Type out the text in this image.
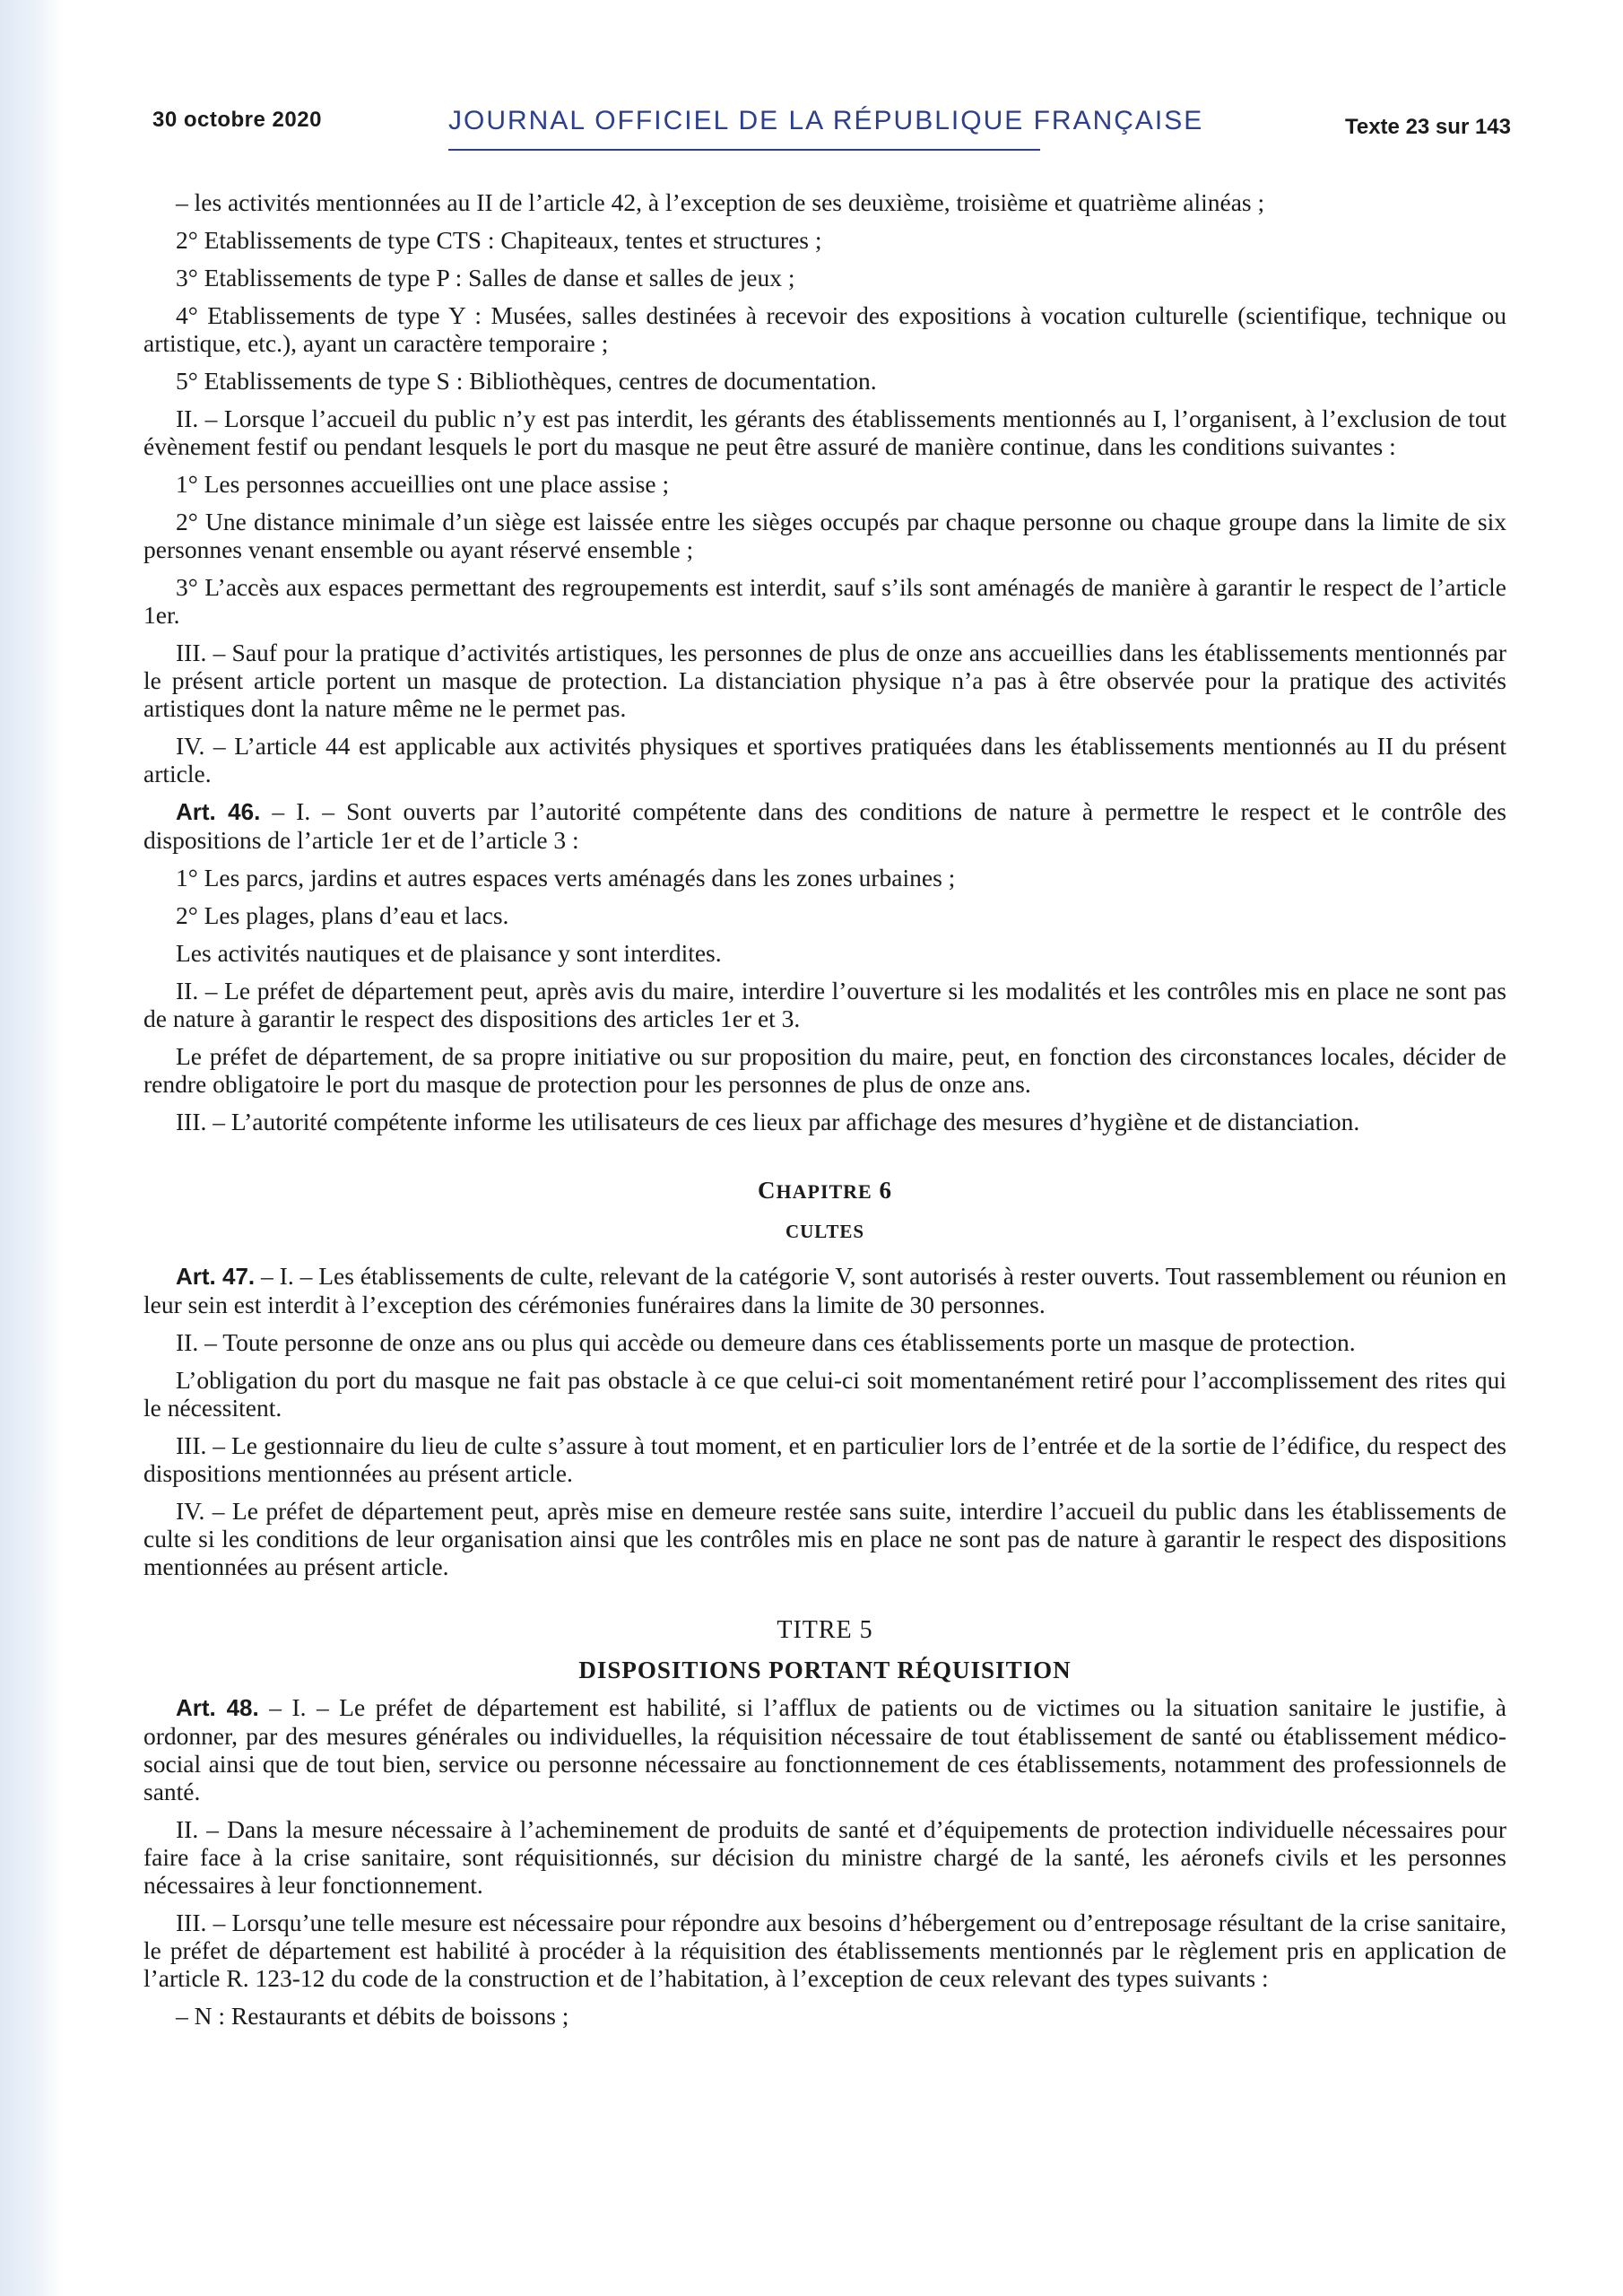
30 octobre 2020	JOURNAL OFFICIEL DE LA RÉPUBLIQUE FRANÇAISE	Texte 23 sur 143

– les activités mentionnées au II de l’article 42, à l’exception de ses deuxième, troisième et quatrième alinéas ;

2° Etablissements de type CTS : Chapiteaux, tentes et structures ;

3° Etablissements de type P : Salles de danse et salles de jeux ;

4° Etablissements de type Y : Musées, salles destinées à recevoir des expositions à vocation culturelle (scientifique, technique ou artistique, etc.), ayant un caractère temporaire ;

5° Etablissements de type S : Bibliothèques, centres de documentation.

II. – Lorsque l’accueil du public n’y est pas interdit, les gérants des établissements mentionnés au I, l’organisent, à l’exclusion de tout évènement festif ou pendant lesquels le port du masque ne peut être assuré de manière continue, dans les conditions suivantes :

1° Les personnes accueillies ont une place assise ;

2° Une distance minimale d’un siège est laissée entre les sièges occupés par chaque personne ou chaque groupe dans la limite de six personnes venant ensemble ou ayant réservé ensemble ;

3° L’accès aux espaces permettant des regroupements est interdit, sauf s’ils sont aménagés de manière à garantir le respect de l’article 1er.

III. – Sauf pour la pratique d’activités artistiques, les personnes de plus de onze ans accueillies dans les établissements mentionnés par le présent article portent un masque de protection. La distanciation physique n’a pas à être observée pour la pratique des activités artistiques dont la nature même ne le permet pas.

IV. – L’article 44 est applicable aux activités physiques et sportives pratiquées dans les établissements mentionnés au II du présent article.

Art. 46. – I. – Sont ouverts par l’autorité compétente dans des conditions de nature à permettre le respect et le contrôle des dispositions de l’article 1er et de l’article 3 :

1° Les parcs, jardins et autres espaces verts aménagés dans les zones urbaines ;

2° Les plages, plans d’eau et lacs.

Les activités nautiques et de plaisance y sont interdites.

II. – Le préfet de département peut, après avis du maire, interdire l’ouverture si les modalités et les contrôles mis en place ne sont pas de nature à garantir le respect des dispositions des articles 1er et 3.

Le préfet de département, de sa propre initiative ou sur proposition du maire, peut, en fonction des circonstances locales, décider de rendre obligatoire le port du masque de protection pour les personnes de plus de onze ans.

III. – L’autorité compétente informe les utilisateurs de ces lieux par affichage des mesures d’hygiène et de distanciation.

CHAPITRE 6

CULTES

Art. 47. – I. – Les établissements de culte, relevant de la catégorie V, sont autorisés à rester ouverts. Tout rassemblement ou réunion en leur sein est interdit à l’exception des cérémonies funéraires dans la limite de 30 personnes.

II. – Toute personne de onze ans ou plus qui accède ou demeure dans ces établissements porte un masque de protection.

L’obligation du port du masque ne fait pas obstacle à ce que celui-ci soit momentanément retiré pour l’accomplissement des rites qui le nécessitent.

III. – Le gestionnaire du lieu de culte s’assure à tout moment, et en particulier lors de l’entrée et de la sortie de l’édifice, du respect des dispositions mentionnées au présent article.

IV. – Le préfet de département peut, après mise en demeure restée sans suite, interdire l’accueil du public dans les établissements de culte si les conditions de leur organisation ainsi que les contrôles mis en place ne sont pas de nature à garantir le respect des dispositions mentionnées au présent article.

TITRE 5

DISPOSITIONS PORTANT RÉQUISITION

Art. 48. – I. – Le préfet de département est habilité, si l’afflux de patients ou de victimes ou la situation sanitaire le justifie, à ordonner, par des mesures générales ou individuelles, la réquisition nécessaire de tout établissement de santé ou établissement médico-social ainsi que de tout bien, service ou personne nécessaire au fonctionnement de ces établissements, notamment des professionnels de santé.

II. – Dans la mesure nécessaire à l’acheminement de produits de santé et d’équipements de protection individuelle nécessaires pour faire face à la crise sanitaire, sont réquisitionnés, sur décision du ministre chargé de la santé, les aéronefs civils et les personnes nécessaires à leur fonctionnement.

III. – Lorsqu’une telle mesure est nécessaire pour répondre aux besoins d’hébergement ou d’entreposage résultant de la crise sanitaire, le préfet de département est habilité à procéder à la réquisition des établissements mentionnés par le règlement pris en application de l’article R. 123-12 du code de la construction et de l’habitation, à l’exception de ceux relevant des types suivants :

– N : Restaurants et débits de boissons ;
